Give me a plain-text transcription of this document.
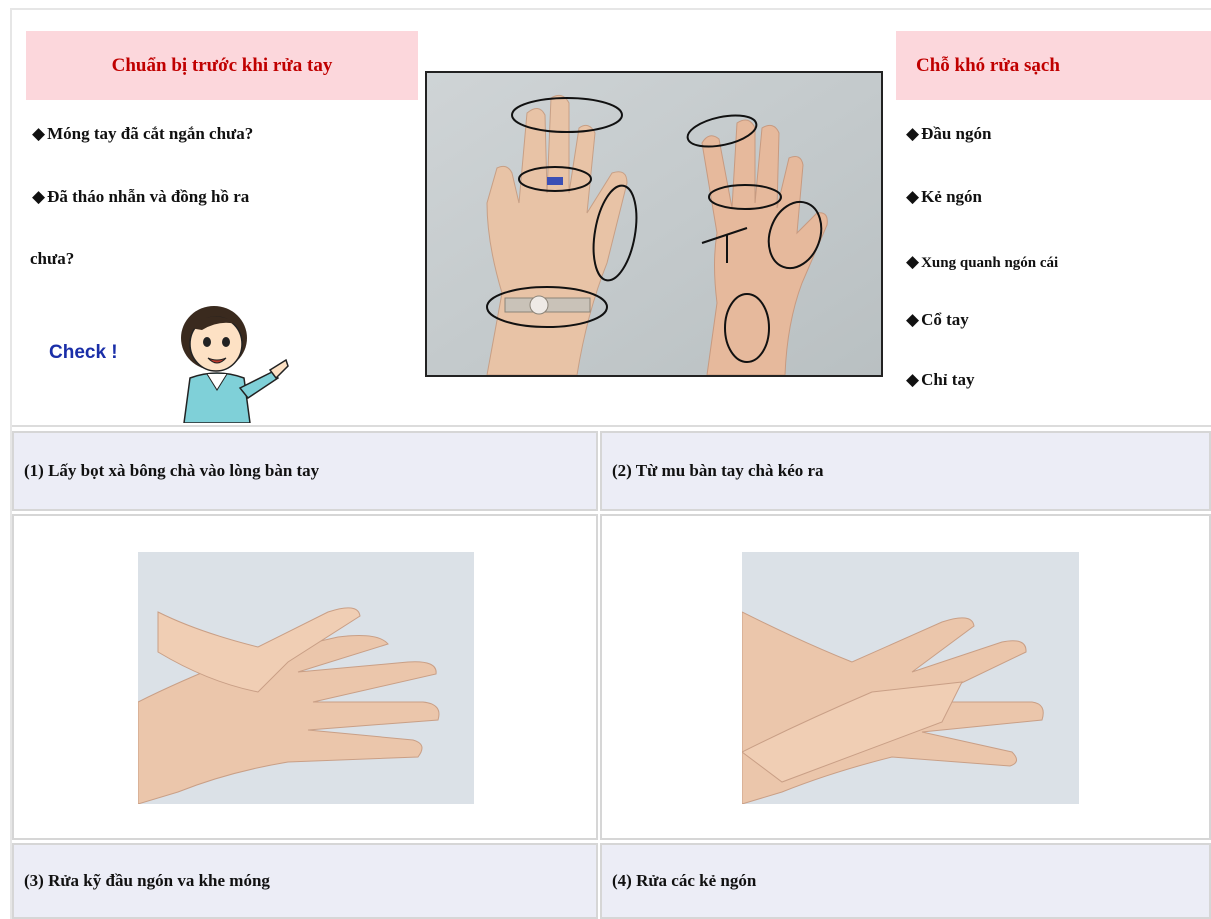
Chuẩn bị trước khi rửa tay
◆ Móng tay đã cắt ngắn chưa?
◆ Đã tháo nhẫn và đồng hồ ra
chưa?
Check !
Chỗ khó rửa sạch
◆ Đầu ngón
◆ Kẻ ngón
◆ Xung quanh ngón cái
◆ Cổ tay
◆ Chỉ tay
(1) Lấy bọt xà bông chà vào lòng bàn tay	(2) Từ mu bàn tay chà kéo ra
(3) Rửa kỹ đầu ngón va khe móng	(4) Rửa các kẻ ngón
